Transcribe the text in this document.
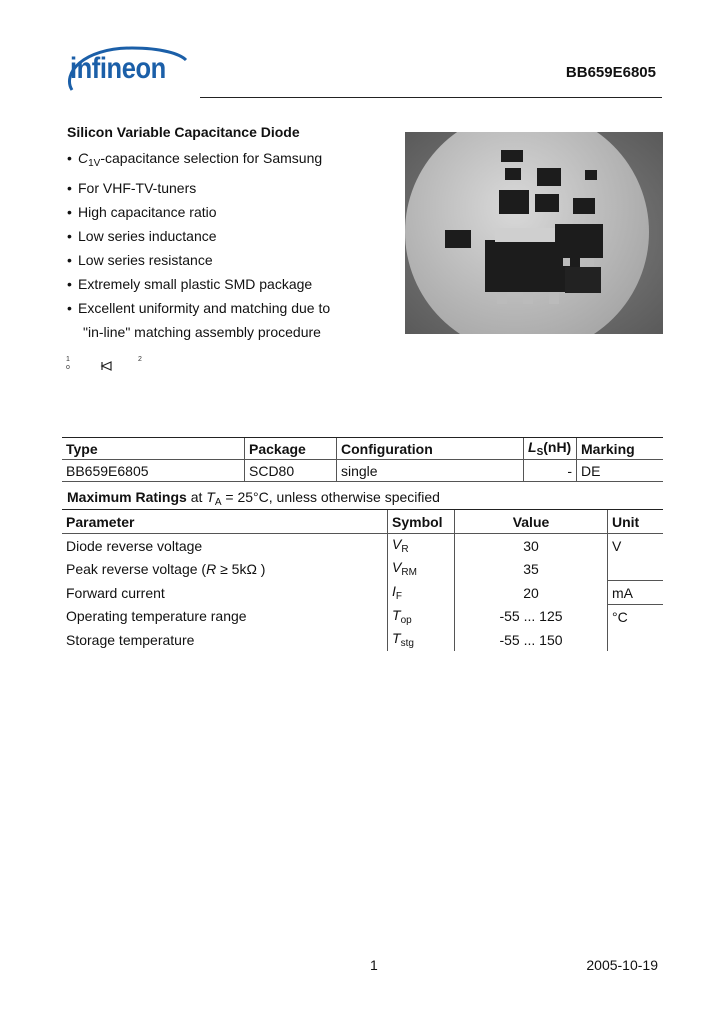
infineon	BB659E6805
Silicon Variable Capacitance Diode
• $C_{1V}$-capacitance selection for Samsung
• For VHF-TV-tuners
• High capacitance ratio
• Low series inductance
• Low series resistance
• Extremely small plastic SMD package
• Excellent uniformity and matching due to
"in-line" matching assembly procedure
1
o
2
Type	Package	Configuration	$L_S(nH)$	Marking
BB659E6805	SCD80	single	-	DE
Maximum Ratings at $T_A = 25^\circ C$, unless otherwise specified
Parameter	Symbol	Value	Unit
Diode reverse voltage	$V_R$	30	V
Peak reverse voltage (R ≥ 5kΩ )	$V_{RM}$	35	
Forward current	$I_F$	20	mA
Operating temperature range	$T_{op}$	-55 ... 125	°C
Storage temperature	$T_{stg}$	-55 ... 150	
1	2005-10-19
